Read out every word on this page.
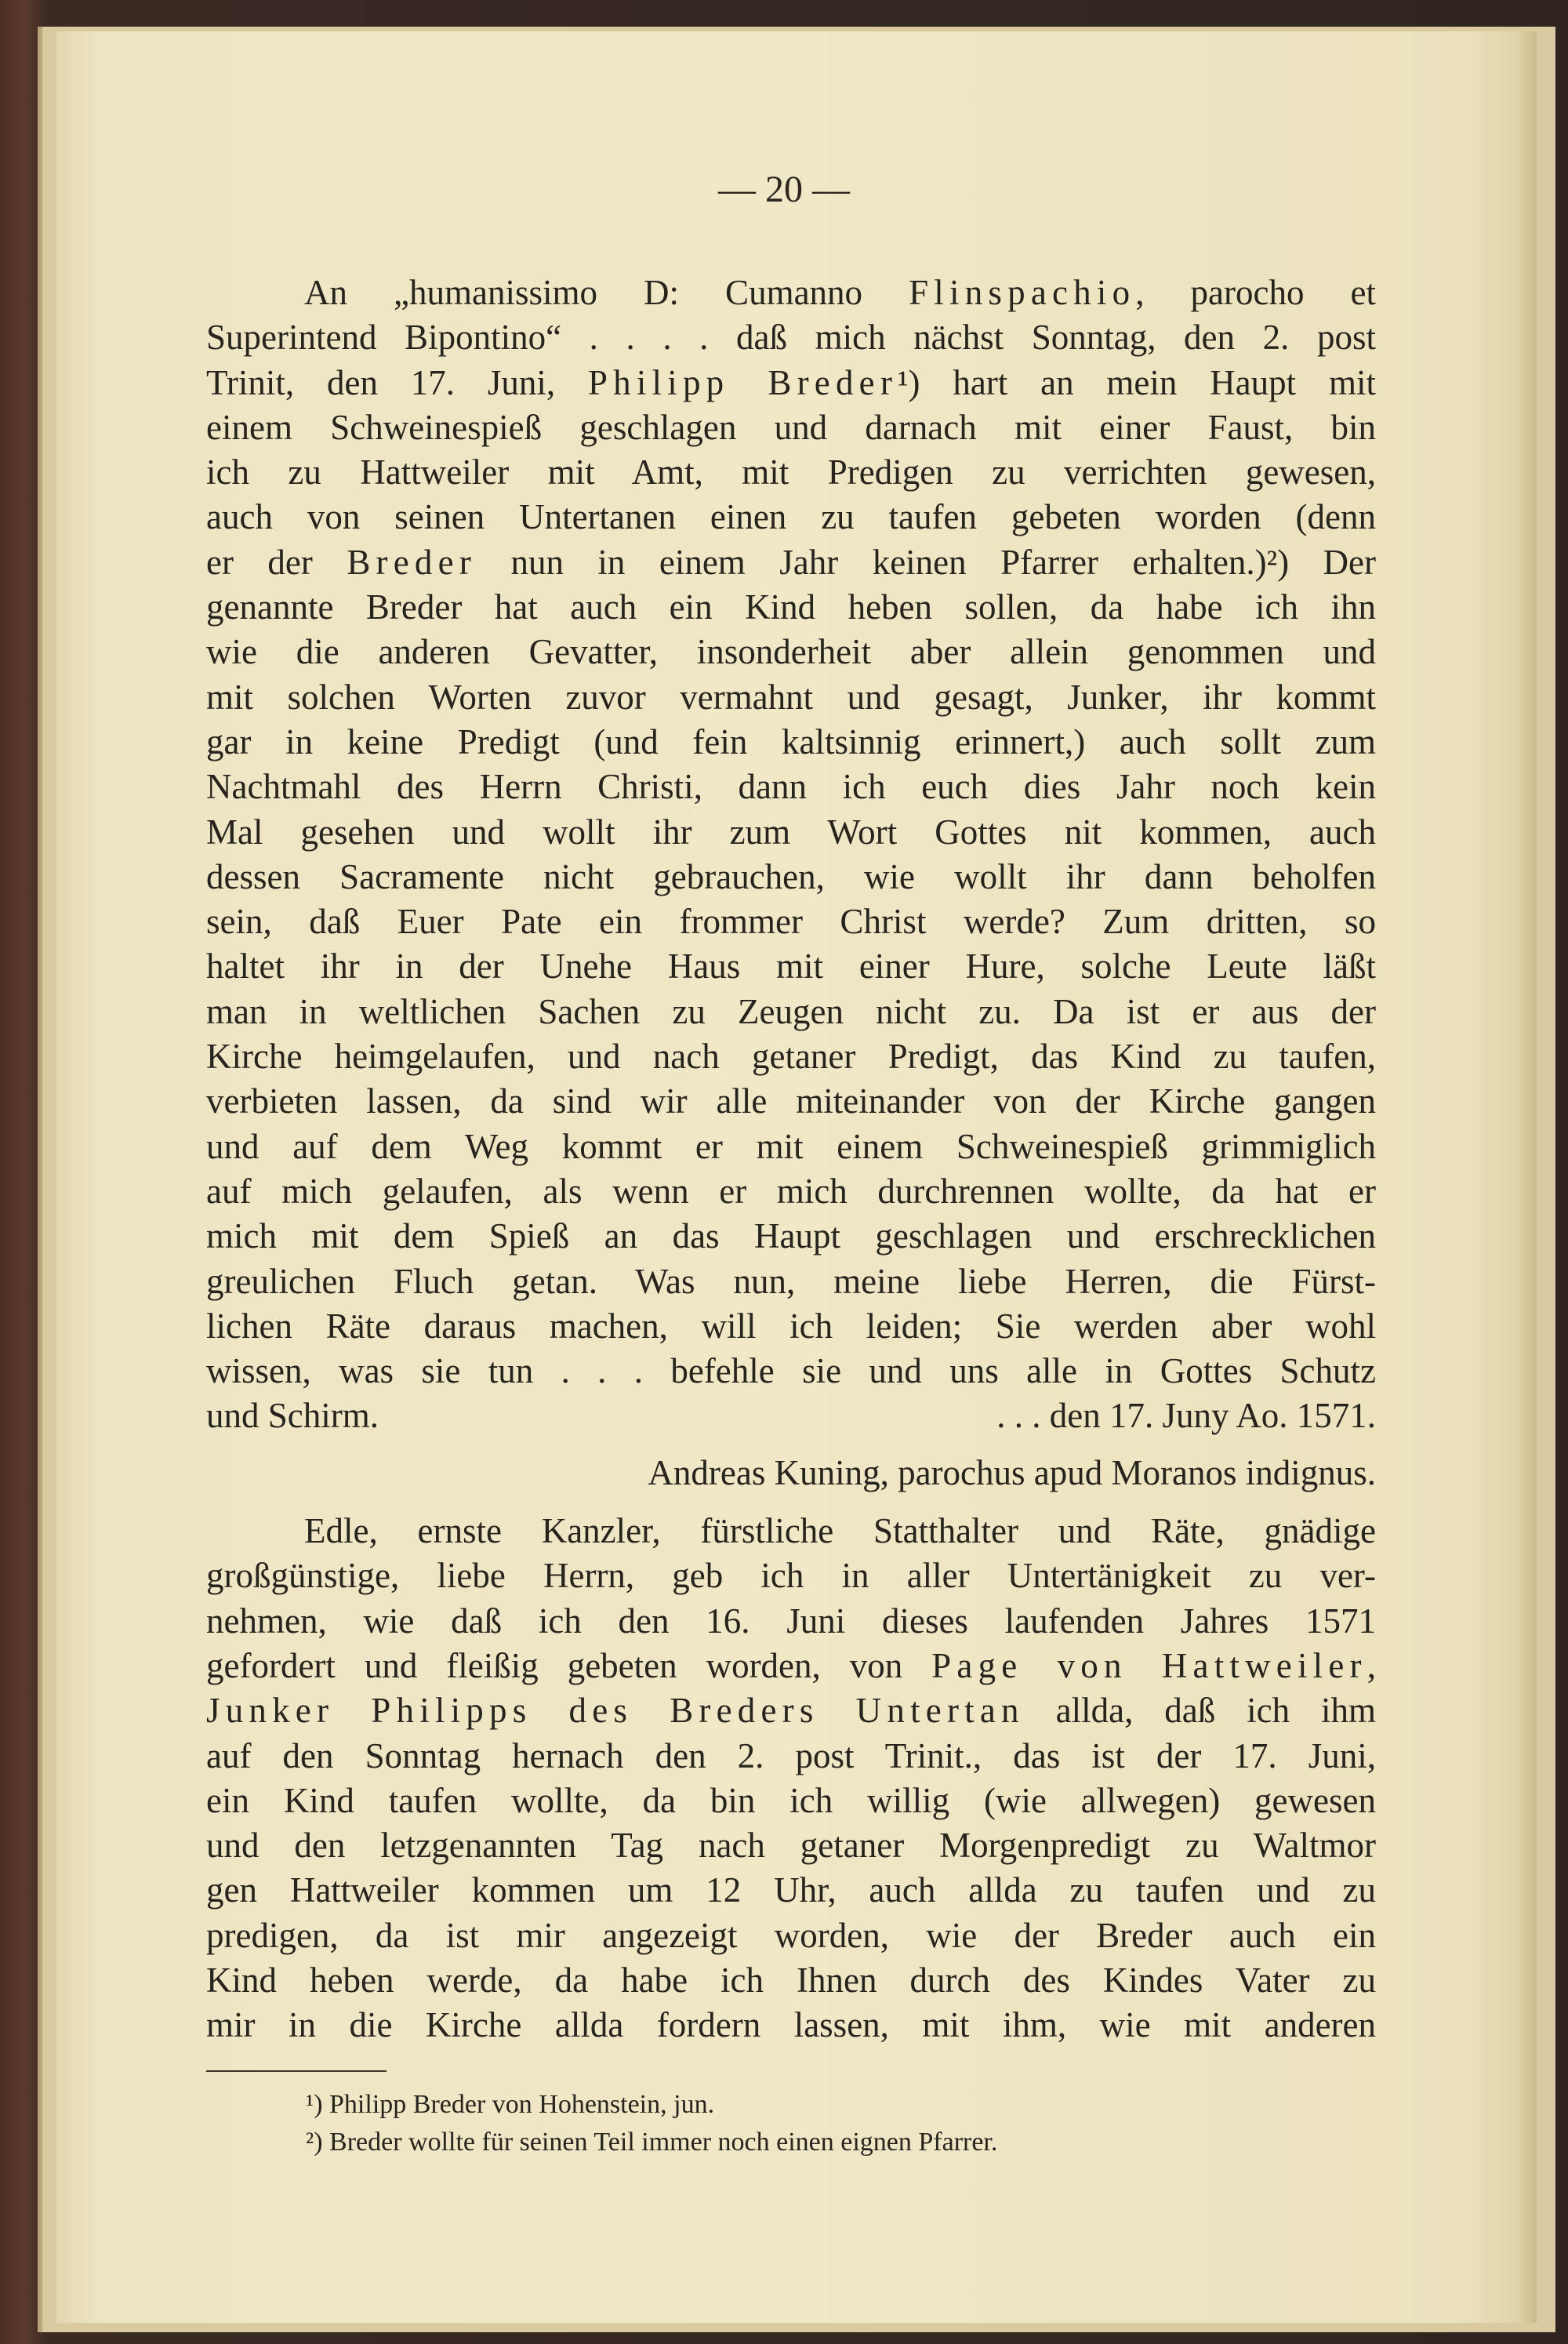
— 20 —
An „humanissimo D: Cumanno Flinspachio, parocho et
Superintend Bipontino“ . . . . daß mich nächst Sonntag, den 2. post
Trinit, den 17. Juni, Philipp Breder¹) hart an mein Haupt mit
einem Schweinespieß geschlagen und darnach mit einer Faust, bin
ich zu Hattweiler mit Amt, mit Predigen zu verrichten gewesen,
auch von seinen Untertanen einen zu taufen gebeten worden (denn
er der Breder nun in einem Jahr keinen Pfarrer erhalten.)²) Der
genannte Breder hat auch ein Kind heben sollen, da habe ich ihn
wie die anderen Gevatter, insonderheit aber allein genommen und
mit solchen Worten zuvor vermahnt und gesagt, Junker, ihr kommt
gar in keine Predigt (und fein kaltsinnig erinnert,) auch sollt zum
Nachtmahl des Herrn Christi, dann ich euch dies Jahr noch kein
Mal gesehen und wollt ihr zum Wort Gottes nit kommen, auch
dessen Sacramente nicht gebrauchen, wie wollt ihr dann beholfen
sein, daß Euer Pate ein frommer Christ werde? Zum dritten, so
haltet ihr in der Unehe Haus mit einer Hure, solche Leute läßt
man in weltlichen Sachen zu Zeugen nicht zu. Da ist er aus der
Kirche heimgelaufen, und nach getaner Predigt, das Kind zu taufen,
verbieten lassen, da sind wir alle miteinander von der Kirche gangen
und auf dem Weg kommt er mit einem Schweinespieß grimmiglich
auf mich gelaufen, als wenn er mich durchrennen wollte, da hat er
mich mit dem Spieß an das Haupt geschlagen und erschrecklichen
greulichen Fluch getan. Was nun, meine liebe Herren, die Fürst-
lichen Räte daraus machen, will ich leiden; Sie werden aber wohl
wissen, was sie tun . . . befehle sie und uns alle in Gottes Schutz
und Schirm.	. . . den 17. Juny Ao. 1571.
Andreas Kuning, parochus apud Moranos indignus.
Edle, ernste Kanzler, fürstliche Statthalter und Räte, gnädige
großgünstige, liebe Herrn, geb ich in aller Untertänigkeit zu ver-
nehmen, wie daß ich den 16. Juni dieses laufenden Jahres 1571
gefordert und fleißig gebeten worden, von Page von Hattweiler,
Junker Philipps des Breders Untertan allda, daß ich ihm
auf den Sonntag hernach den 2. post Trinit., das ist der 17. Juni,
ein Kind taufen wollte, da bin ich willig (wie allwegen) gewesen
und den letzgenannten Tag nach getaner Morgenpredigt zu Waltmor
gen Hattweiler kommen um 12 Uhr, auch allda zu taufen und zu
predigen, da ist mir angezeigt worden, wie der Breder auch ein
Kind heben werde, da habe ich Ihnen durch des Kindes Vater zu
mir in die Kirche allda fordern lassen, mit ihm, wie mit anderen
¹) Philipp Breder von Hohenstein, jun.
²) Breder wollte für seinen Teil immer noch einen eignen Pfarrer.
